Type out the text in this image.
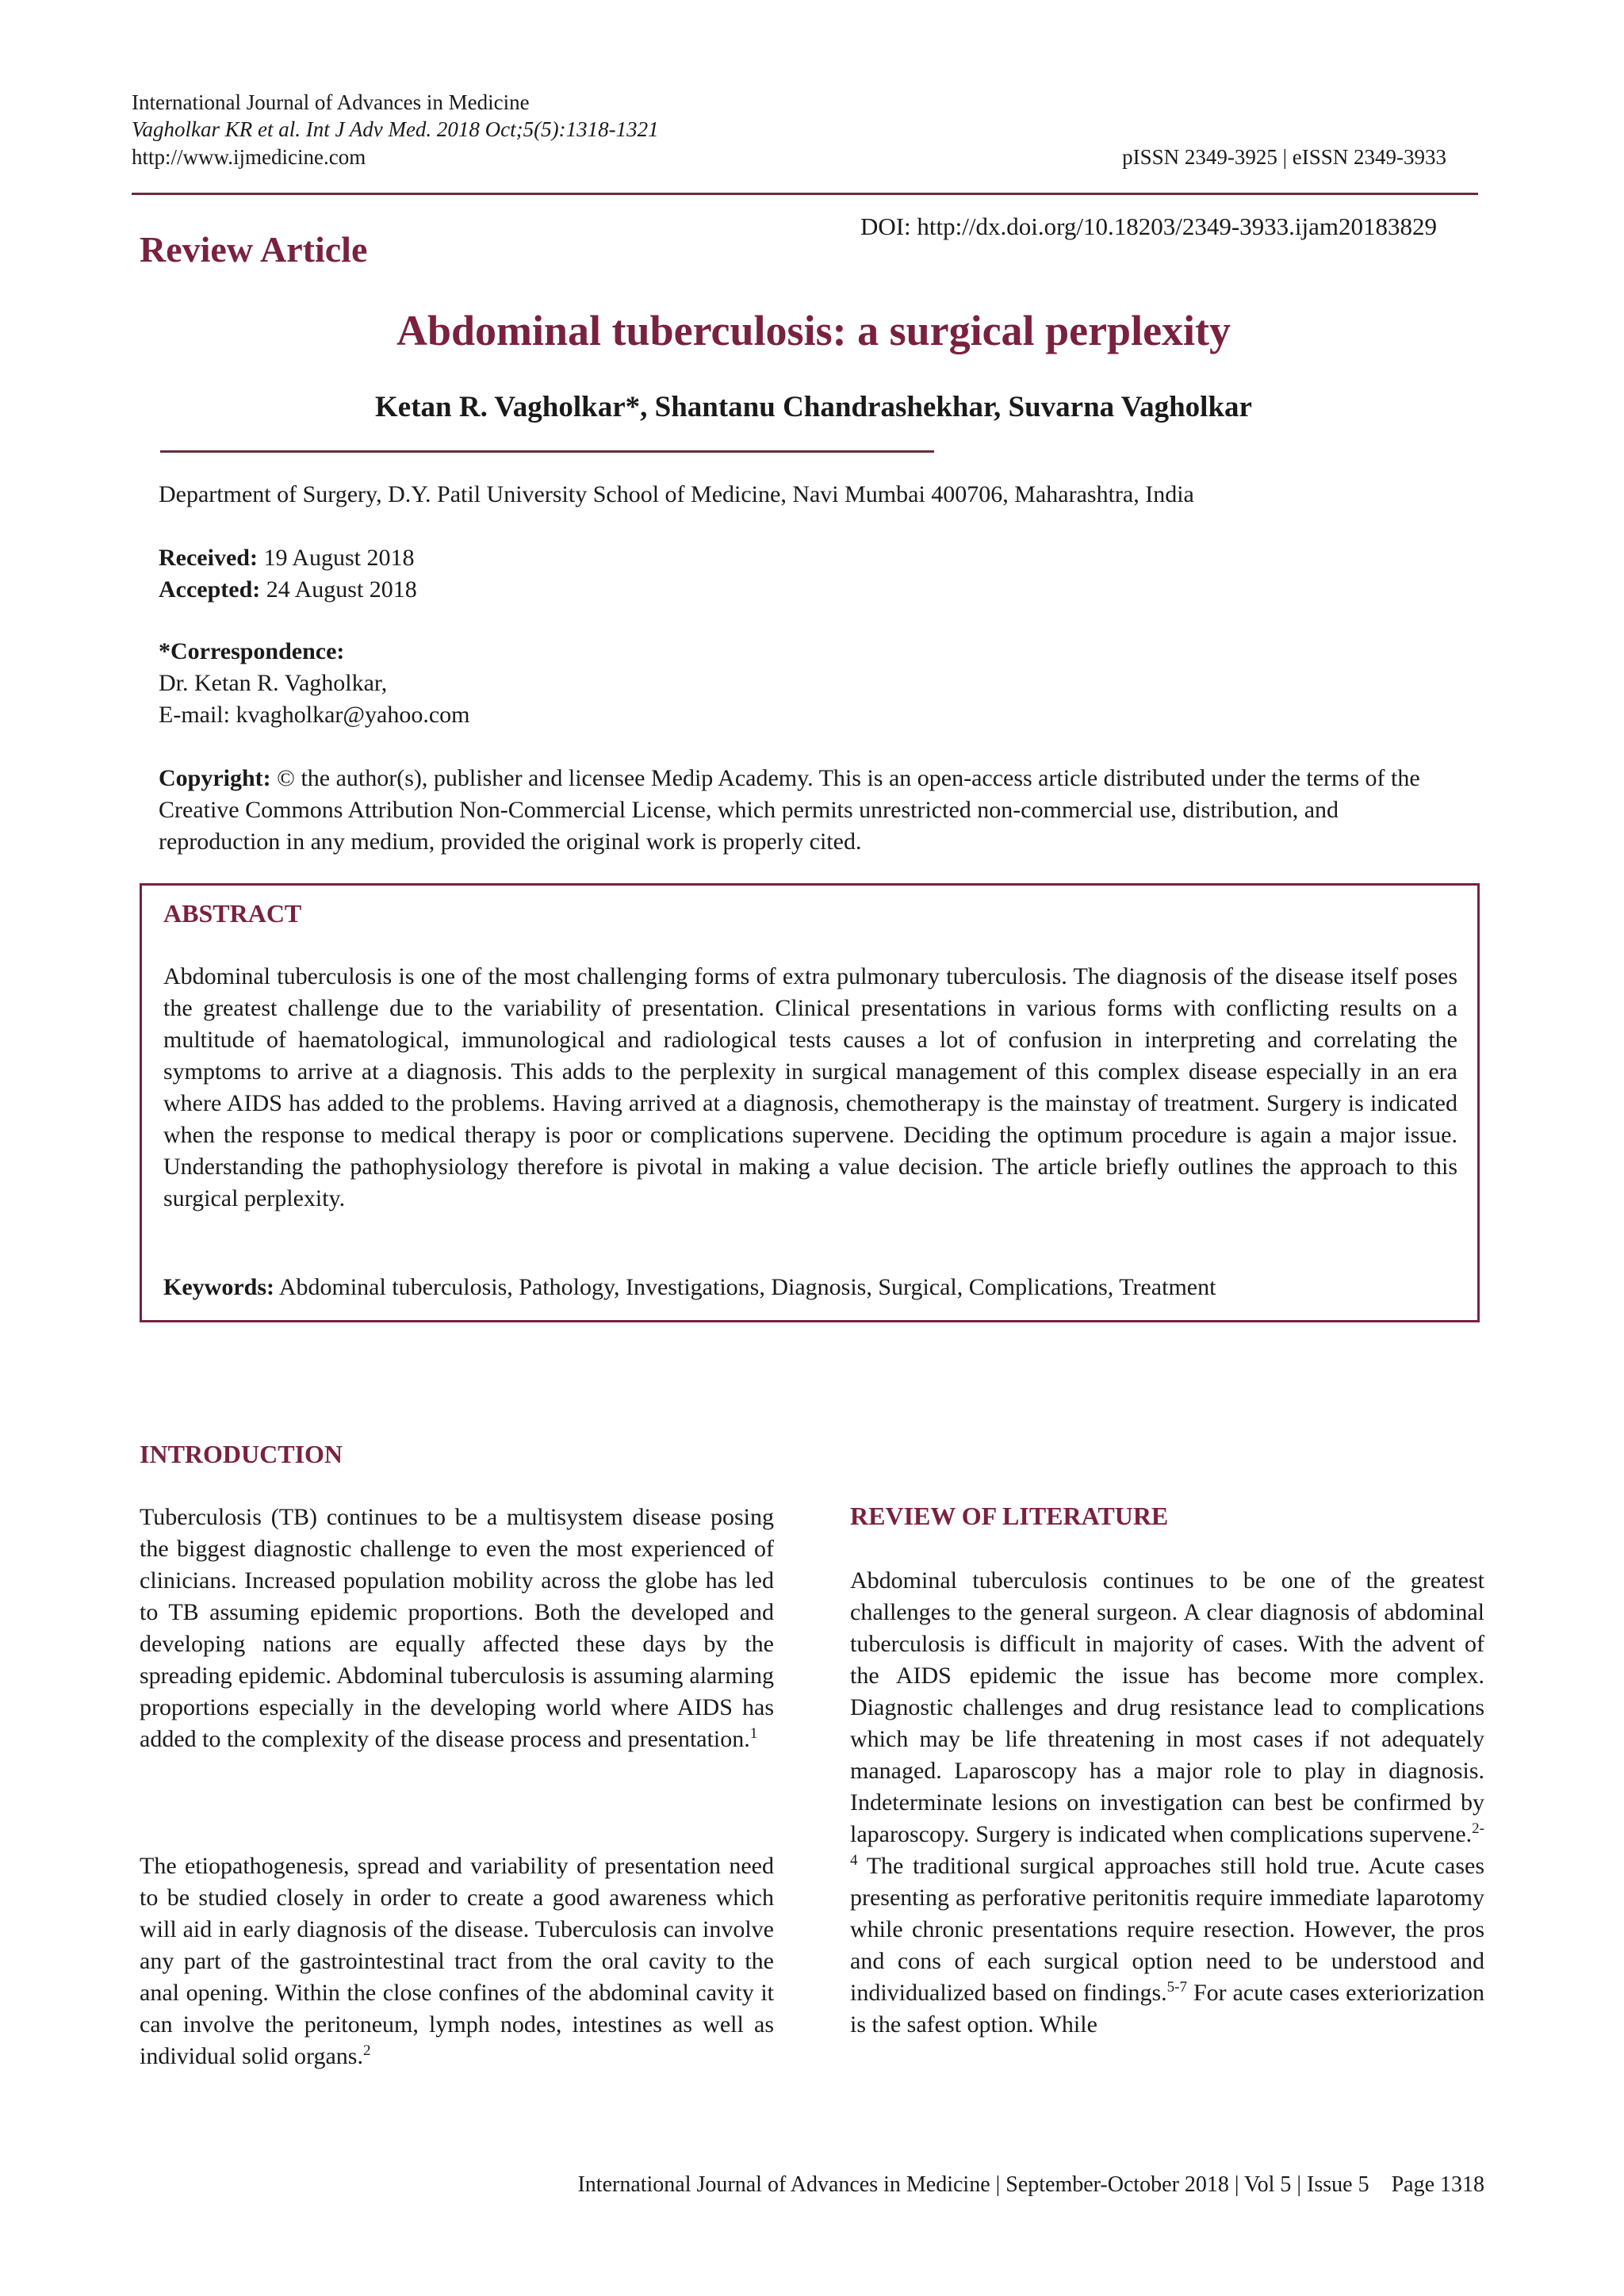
International Journal of Advances in Medicine
Vagholkar KR et al. Int J Adv Med. 2018 Oct;5(5):1318-1321
http://www.ijmedicine.com	pISSN 2349-3925 | eISSN 2349-3933
Review Article
DOI: http://dx.doi.org/10.18203/2349-3933.ijam20183829
Abdominal tuberculosis: a surgical perplexity
Ketan R. Vagholkar*, Shantanu Chandrashekhar, Suvarna Vagholkar
Department of Surgery, D.Y. Patil University School of Medicine, Navi Mumbai 400706, Maharashtra, India
Received: 19 August 2018
Accepted: 24 August 2018
*Correspondence:
Dr. Ketan R. Vagholkar,
E-mail: kvagholkar@yahoo.com
Copyright: © the author(s), publisher and licensee Medip Academy. This is an open-access article distributed under the terms of the Creative Commons Attribution Non-Commercial License, which permits unrestricted non-commercial use, distribution, and reproduction in any medium, provided the original work is properly cited.
ABSTRACT
Abdominal tuberculosis is one of the most challenging forms of extra pulmonary tuberculosis. The diagnosis of the disease itself poses the greatest challenge due to the variability of presentation. Clinical presentations in various forms with conflicting results on a multitude of haematological, immunological and radiological tests causes a lot of confusion in interpreting and correlating the symptoms to arrive at a diagnosis. This adds to the perplexity in surgical management of this complex disease especially in an era where AIDS has added to the problems. Having arrived at a diagnosis, chemotherapy is the mainstay of treatment. Surgery is indicated when the response to medical therapy is poor or complications supervene. Deciding the optimum procedure is again a major issue. Understanding the pathophysiology therefore is pivotal in making a value decision. The article briefly outlines the approach to this surgical perplexity.
Keywords: Abdominal tuberculosis, Pathology, Investigations, Diagnosis, Surgical, Complications, Treatment
INTRODUCTION
Tuberculosis (TB) continues to be a multisystem disease posing the biggest diagnostic challenge to even the most experienced of clinicians. Increased population mobility across the globe has led to TB assuming epidemic proportions. Both the developed and developing nations are equally affected these days by the spreading epidemic. Abdominal tuberculosis is assuming alarming proportions especially in the developing world where AIDS has added to the complexity of the disease process and presentation.$^1$
The etiopathogenesis, spread and variability of presentation need to be studied closely in order to create a good awareness which will aid in early diagnosis of the disease. Tuberculosis can involve any part of the gastrointestinal tract from the oral cavity to the anal opening. Within the close confines of the abdominal cavity it can involve the peritoneum, lymph nodes, intestines as well as individual solid organs.$^2$
REVIEW OF LITERATURE
Abdominal tuberculosis continues to be one of the greatest challenges to the general surgeon. A clear diagnosis of abdominal tuberculosis is difficult in majority of cases. With the advent of the AIDS epidemic the issue has become more complex. Diagnostic challenges and drug resistance lead to complications which may be life threatening in most cases if not adequately managed. Laparoscopy has a major role to play in diagnosis. Indeterminate lesions on investigation can best be confirmed by laparoscopy. Surgery is indicated when complications supervene.$^{2-4}$ The traditional surgical approaches still hold true. Acute cases presenting as perforative peritonitis require immediate laparotomy while chronic presentations require resection. However, the pros and cons of each surgical option need to be understood and individualized based on findings.$^{5-7}$ For acute cases exteriorization is the safest option. While
International Journal of Advances in Medicine | September-October 2018 | Vol 5 | Issue 5    Page 1318
